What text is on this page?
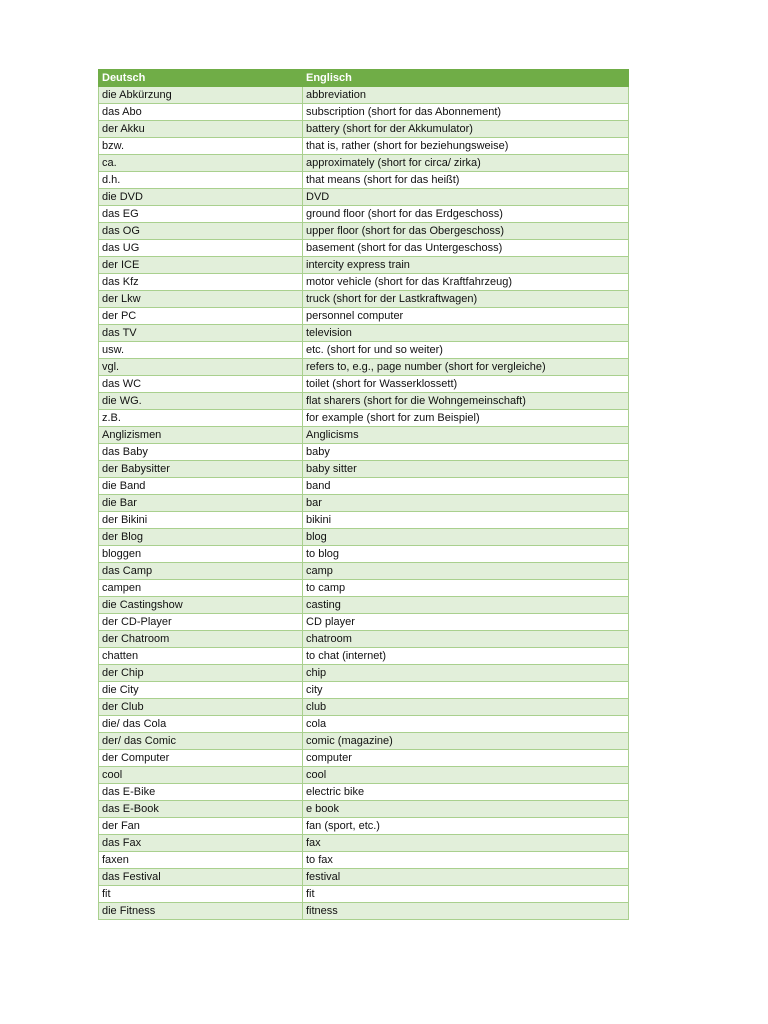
Deutsch	Englisch
die Abkürzung	abbreviation
das Abo	subscription (short for das Abonnement)
der Akku	battery (short for der Akkumulator)
bzw.	that is, rather (short for beziehungsweise)
ca.	approximately (short for circa/ zirka)
d.h.	that means (short for das heißt)
die DVD	DVD
das EG	ground floor (short for das Erdgeschoss)
das OG	upper floor (short for das Obergeschoss)
das UG	basement (short for das Untergeschoss)
der ICE	intercity express train
das Kfz	motor vehicle (short for das Kraftfahrzeug)
der Lkw	truck (short for der Lastkraftwagen)
der PC	personnel computer
das TV	television
usw.	etc. (short for und so weiter)
vgl.	refers to, e.g., page number (short for vergleiche)
das WC	toilet (short for Wasserklossett)
die WG.	flat sharers (short for die Wohngemeinschaft)
z.B.	for example (short for zum Beispiel)
Anglizismen	Anglicisms
das Baby	baby
der Babysitter	baby sitter
die Band	band
die Bar	bar
der Bikini	bikini
der Blog	blog
bloggen	to blog
das Camp	camp
campen	to camp
die Castingshow	casting
der CD-Player	CD player
der Chatroom	chatroom
chatten	to chat (internet)
der Chip	chip
die City	city
der Club	club
die/ das Cola	cola
der/ das Comic	comic (magazine)
der Computer	computer
cool	cool
das E-Bike	electric bike
das E-Book	e book
der Fan	fan (sport, etc.)
das Fax	fax
faxen	to fax
das Festival	festival
fit	fit
die Fitness	fitness
